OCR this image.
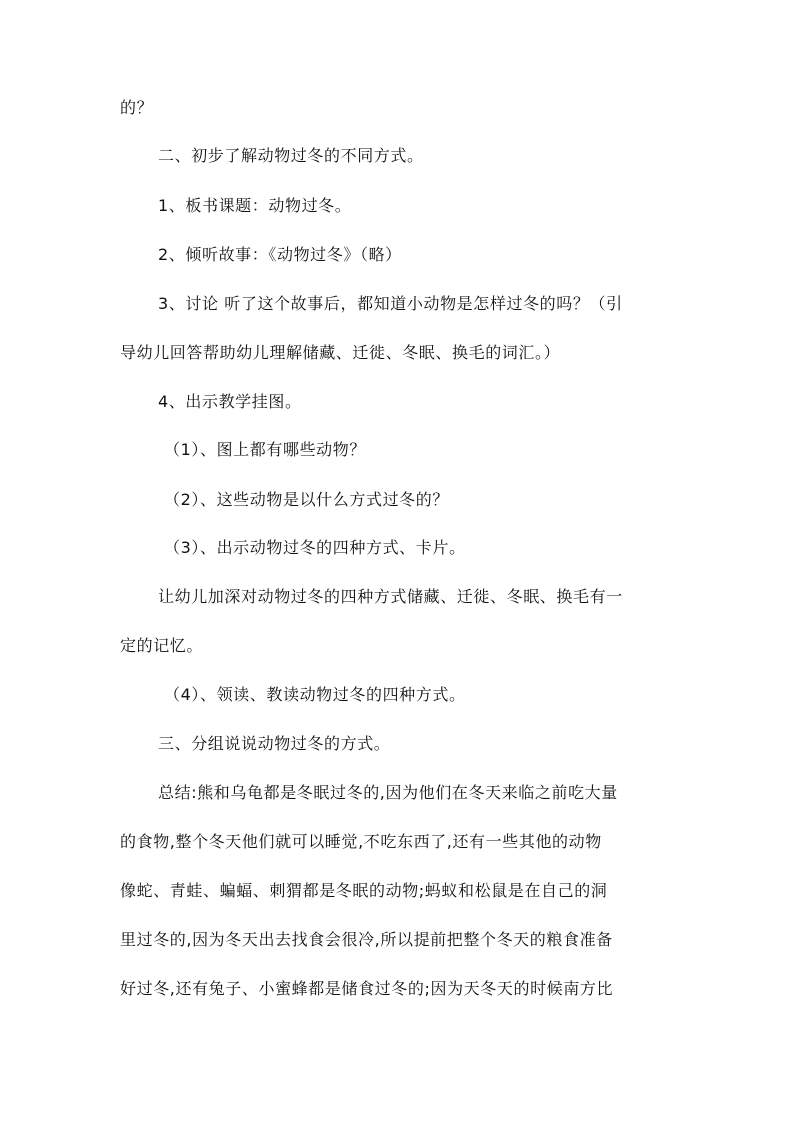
的？
二、初步了解动物过冬的不同方式。
1、板书课题：动物过冬。
2、倾听故事：《动物过冬》（略）
3、讨论 听了这个故事后，都知道小动物是怎样过冬的吗？（引
导幼儿回答帮助幼儿理解储藏、迁徙、冬眠、换毛的词汇。）
4、出示教学挂图。
（1）、图上都有哪些动物？
（2）、这些动物是以什么方式过冬的？
（3）、出示动物过冬的四种方式、卡片。
让幼儿加深对动物过冬的四种方式储藏、迁徙、冬眠、换毛有一
定的记忆。
（4）、领读、教读动物过冬的四种方式。
三、分组说说动物过冬的方式。
总结:熊和乌龟都是冬眠过冬的,因为他们在冬天来临之前吃大量
的食物,整个冬天他们就可以睡觉,不吃东西了,还有一些其他的动物
像蛇、青蛙、蝙蝠、刺猬都是冬眠的动物;蚂蚁和松鼠是在自己的洞
里过冬的,因为冬天出去找食会很冷,所以提前把整个冬天的粮食准备
好过冬,还有兔子、小蜜蜂都是储食过冬的;因为天冬天的时候南方比
